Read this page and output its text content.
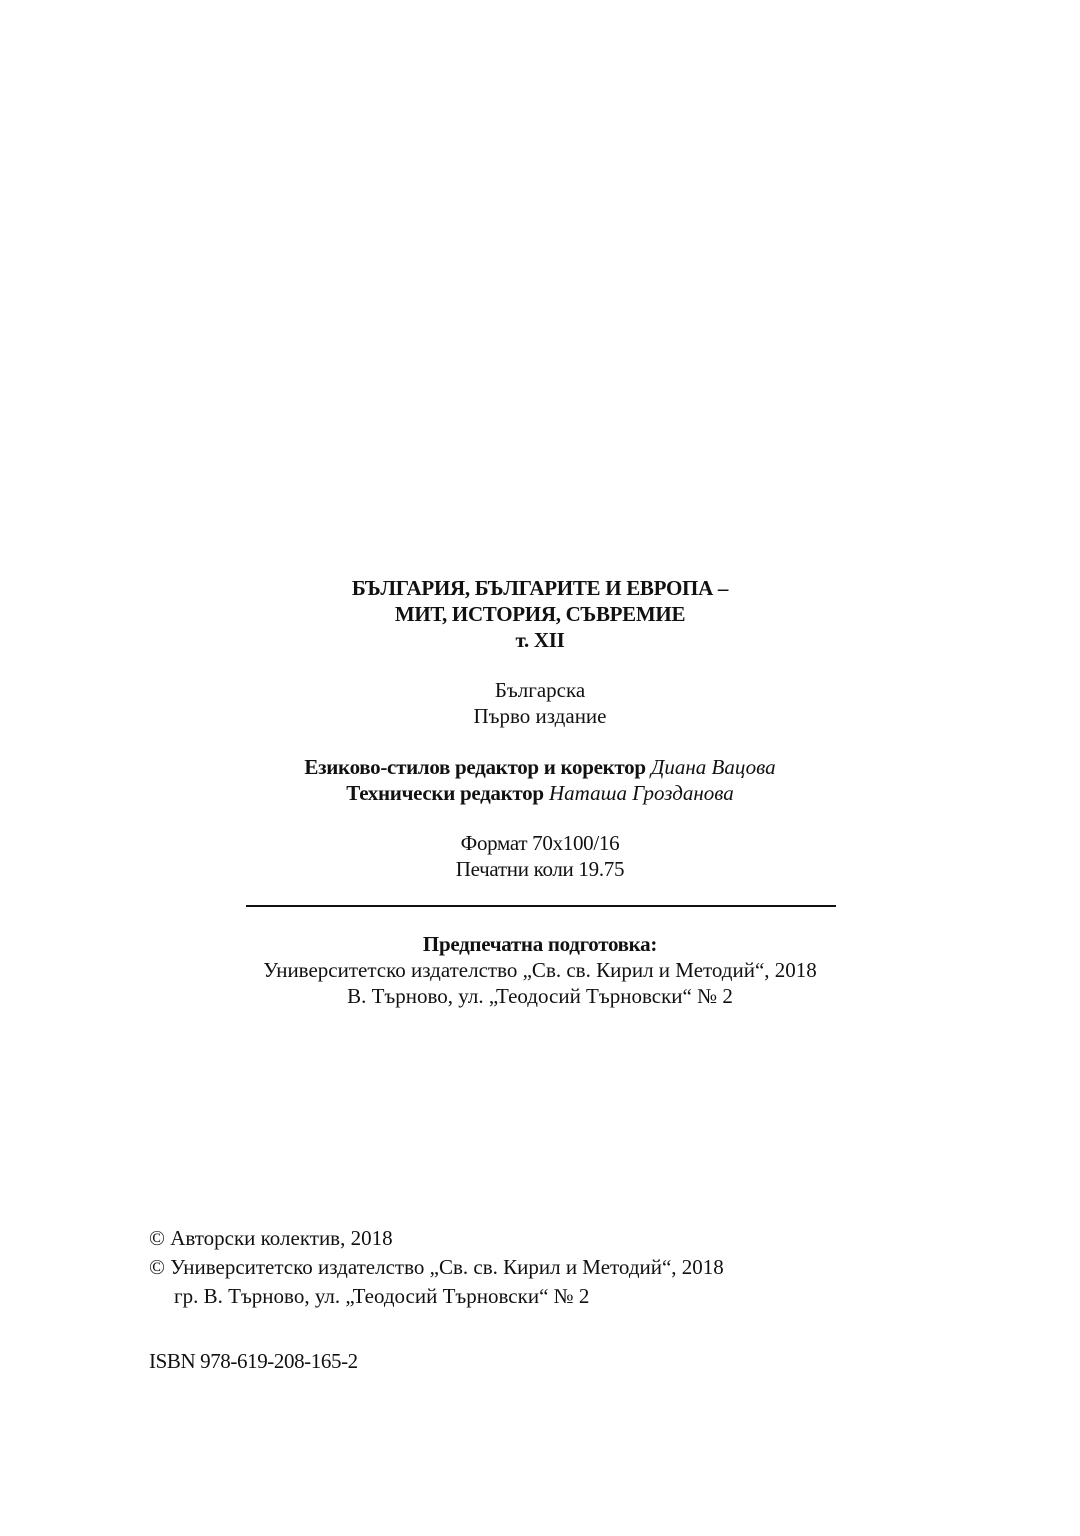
БЪЛГАРИЯ, БЪЛГАРИТЕ И ЕВРОПА –
МИТ, ИСТОРИЯ, СЪВРЕМИЕ
т. XII
Българска
Първо издание
Езиково-стилов редактор и коректор Диана Вацова
Технически редактор Наташа Грозданова
Формат 70x100/16
Печатни коли 19.75
Предпечатна подготовка:
Университетско издателство „Св. св. Кирил и Методий“, 2018
В. Търново, ул. „Теодосий Търновски“ № 2
© Авторски колектив, 2018
© Университетско издателство „Св. св. Кирил и Методий“, 2018
гр. В. Търново, ул. „Теодосий Търновски“ № 2
ISBN 978-619-208-165-2
